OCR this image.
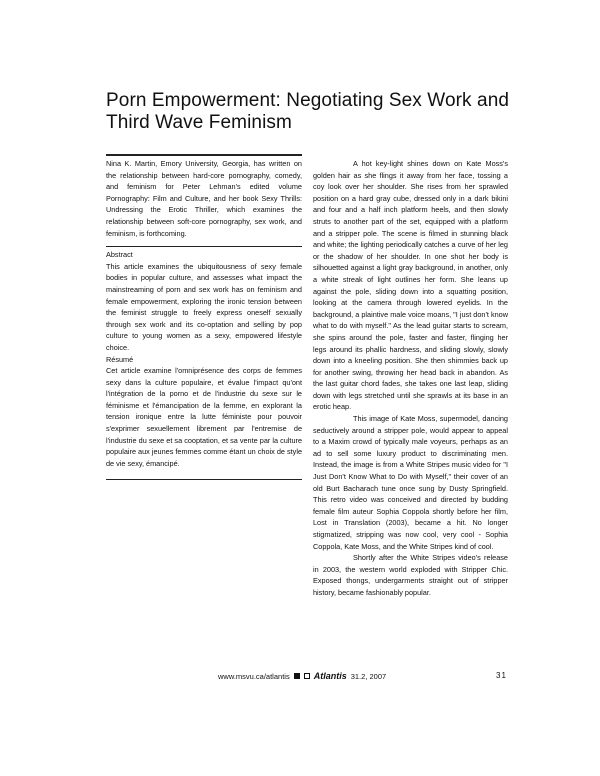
Porn Empowerment: Negotiating Sex Work and Third Wave Feminism
Nina K. Martin, Emory University, Georgia, has written on the relationship between hard-core pornography, comedy, and feminism for Peter Lehman's edited volume Pornography: Film and Culture, and her book Sexy Thrills: Undressing the Erotic Thriller, which examines the relationship between soft-core pornography, sex work, and feminism, is forthcoming.
Abstract
This article examines the ubiquitousness of sexy female bodies in popular culture, and assesses what impact the mainstreaming of porn and sex work has on feminism and female empowerment, exploring the ironic tension between the feminist struggle to freely express oneself sexually through sex work and its co-optation and selling by pop culture to young women as a sexy, empowered lifestyle choice.
Résumé
Cet article examine l'omniprésence des corps de femmes sexy dans la culture populaire, et évalue l'impact qu'ont l'intégration de la porno et de l'industrie du sexe sur le féminisme et l'émancipation de la femme, en explorant la tension ironique entre la lutte féministe pour pouvoir s'exprimer sexuellement librement par l'entremise de l'industrie du sexe et sa cooptation, et sa vente par la culture populaire aux jeunes femmes comme étant un choix de style de vie sexy, émancipé.

A hot key-light shines down on Kate Moss's golden hair as she flings it away from her face, tossing a coy look over her shoulder. She rises from her sprawled position on a hard gray cube, dressed only in a dark bikini and four and a half inch platform heels, and then slowly struts to another part of the set, equipped with a platform and a stripper pole. The scene is filmed in stunning black and white; the lighting periodically catches a curve of her leg or the shadow of her shoulder. In one shot her body is silhouetted against a light gray background, in another, only a white streak of light outlines her form. She leans up against the pole, sliding down into a squatting position, looking at the camera through lowered eyelids. In the background, a plaintive male voice moans, "I just don't know what to do with myself." As the lead guitar starts to scream, she spins around the pole, faster and faster, flinging her legs around its phallic hardness, and sliding slowly, slowly down into a kneeling position. She then shimmies back up for another swing, throwing her head back in abandon. As the last guitar chord fades, she takes one last leap, sliding down with legs stretched until she sprawls at its base in an erotic heap.

This image of Kate Moss, supermodel, dancing seductively around a stripper pole, would appear to appeal to a Maxim crowd of typically male voyeurs, perhaps as an ad to sell some luxury product to discriminating men. Instead, the image is from a White Stripes music video for "I Just Don't Know What to Do with Myself," their cover of an old Burt Bacharach tune once sung by Dusty Springfield. This retro video was conceived and directed by budding female film auteur Sophia Coppola shortly before her film, Lost in Translation (2003), became a hit. No longer stigmatized, stripping was now cool, very cool - Sophia Coppola, Kate Moss, and the White Stripes kind of cool.

Shortly after the White Stripes video's release in 2003, the western world exploded with Stripper Chic. Exposed thongs, undergarments straight out of stripper history, became fashionably popular.

www.msvu.ca/atlantis	Atlantis 31.2, 2007	31
